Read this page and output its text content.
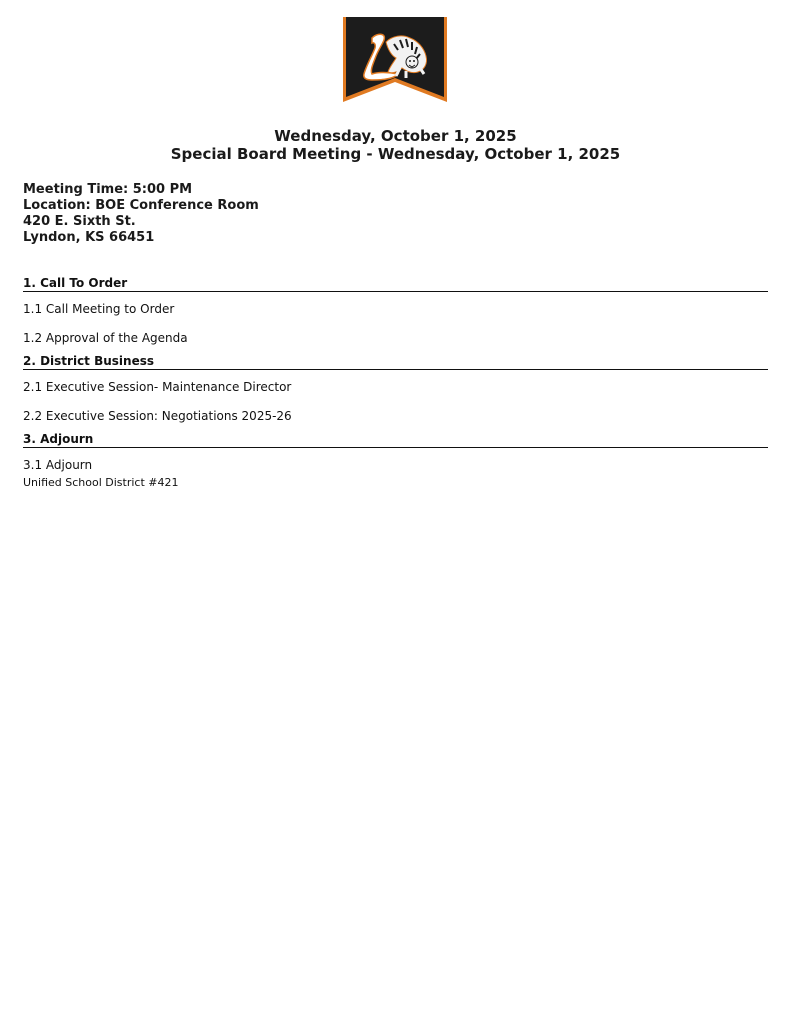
Wednesday, October 1, 2025
Special Board Meeting - Wednesday, October 1, 2025
Meeting Time: 5:00 PM
Location: BOE Conference Room
420 E. Sixth St.
Lyndon, KS 66451
1. Call To Order
1.1 Call Meeting to Order
1.2 Approval of the Agenda
2. District Business
2.1 Executive Session- Maintenance Director
2.2 Executive Session: Negotiations 2025-26
3. Adjourn
3.1 Adjourn
Unified School District #421
